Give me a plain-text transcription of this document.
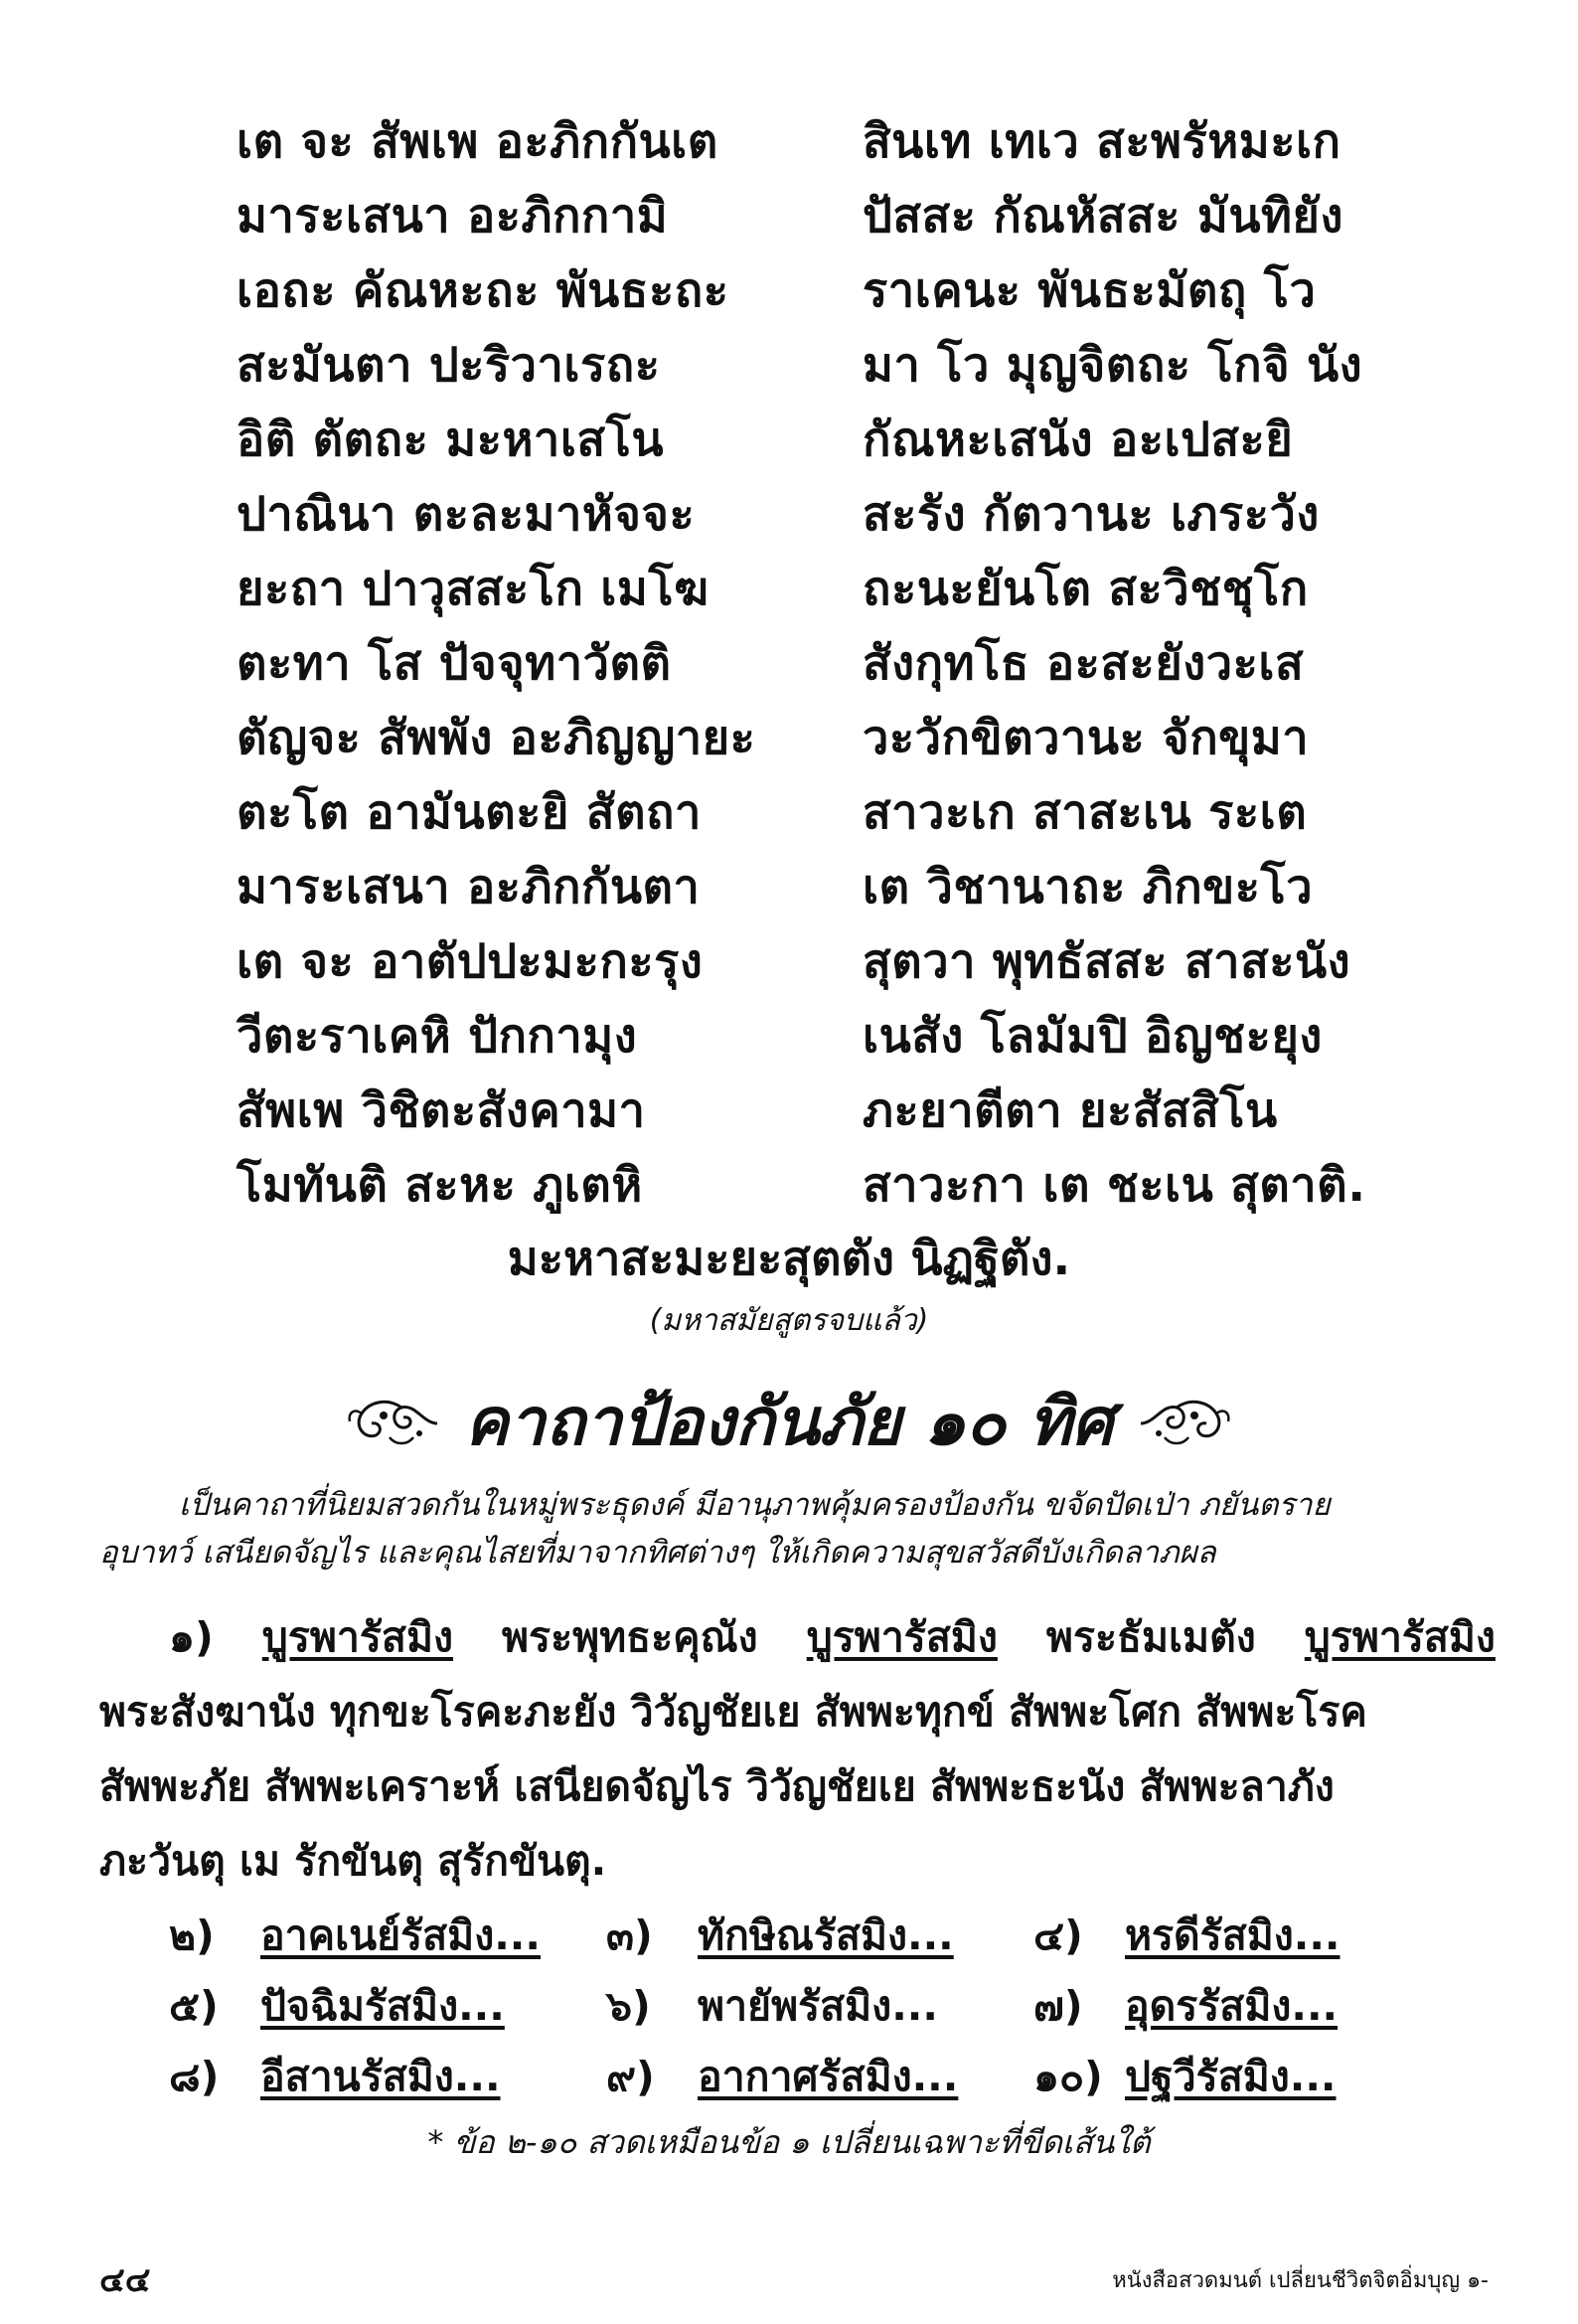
เต จะ สัพเพ อะภิกกันเต	สินเท เทเว สะพรัหมะเก
มาระเสนา อะภิกกามิ	ปัสสะ กัณหัสสะ มันทิยัง
เอถะ คัณหะถะ พันธะถะ	ราเคนะ พันธะมัตถุ โว
สะมันตา ปะริวาเรถะ	มา โว มุญจิตถะ โกจิ นัง
อิติ ตัตถะ มะหาเสโน	กัณหะเสนัง อะเปสะยิ
ปาณินา ตะละมาหัจจะ	สะรัง กัตวานะ เภระวัง
ยะถา ปาวุสสะโก เมโฆ	ถะนะยันโต สะวิชชุโก
ตะทา โส ปัจจุทาวัตติ	สังกุทโธ อะสะยังวะเส
ตัญจะ สัพพัง อะภิญญายะ	วะวักขิตวานะ จักขุมา
ตะโต อามันตะยิ สัตถา	สาวะเก สาสะเน ระเต
มาระเสนา อะภิกกันตา	เต วิชานาถะ ภิกขะโว
เต จะ อาตัปปะมะกะรุง	สุตวา พุทธัสสะ สาสะนัง
วีตะราเคหิ ปักกามุง	เนสัง โลมัมปิ อิญชะยุง
สัพเพ วิชิตะสังคามา	ภะยาตีตา ยะสัสสิโน
โมทันติ สะหะ ภูเตหิ	สาวะกา เต ชะเน สุตาติ.
มะหาสะมะยะสุตตัง นิฏฐิตัง.
(มหาสมัยสูตรจบแล้ว)
คาถาป้องกันภัย ๑๐ ทิศ
เป็นคาถาที่นิยมสวดกันในหมู่พระธุดงค์ มีอานุภาพคุ้มครองป้องกัน ขจัดปัดเป่า ภยันตราย
อุบาทว์ เสนียดจัญไร และคุณไสยที่มาจากทิศต่างๆ ให้เกิดความสุขสวัสดีบังเกิดลาภผล
๑) บูรพารัสมิง พระพุทธะคุณัง บูรพารัสมิง พระธัมเมตัง บูรพารัสมิง
พระสังฆานัง ทุกขะโรคะภะยัง วิวัญชัยเย สัพพะทุกข์ สัพพะโศก สัพพะโรค
สัพพะภัย สัพพะเคราะห์ เสนียดจัญไร วิวัญชัยเย สัพพะธะนัง สัพพะลาภัง
ภะวันตุ เม รักขันตุ สุรักขันตุ.
๒)	อาคเนย์รัสมิง... ๓)	ทักษิณรัสมิง... ๔)	หรดีรัสมิง...
๕)	ปัจฉิมรัสมิง... ๖)	พายัพรัสมิง... ๗)	อุดรรัสมิง...
๘)	อีสานรัสมิง...	๙)	อากาศรัสมิง... ๑๐) ปฐวีรัสมิง...
* ข้อ ๒-๑๐ สวดเหมือนข้อ ๑ เปลี่ยนเฉพาะที่ขีดเส้นใต้
๔๔	หนังสือสวดมนต์ เปลี่ยนชีวิตจิตอิ่มบุญ ๑-
